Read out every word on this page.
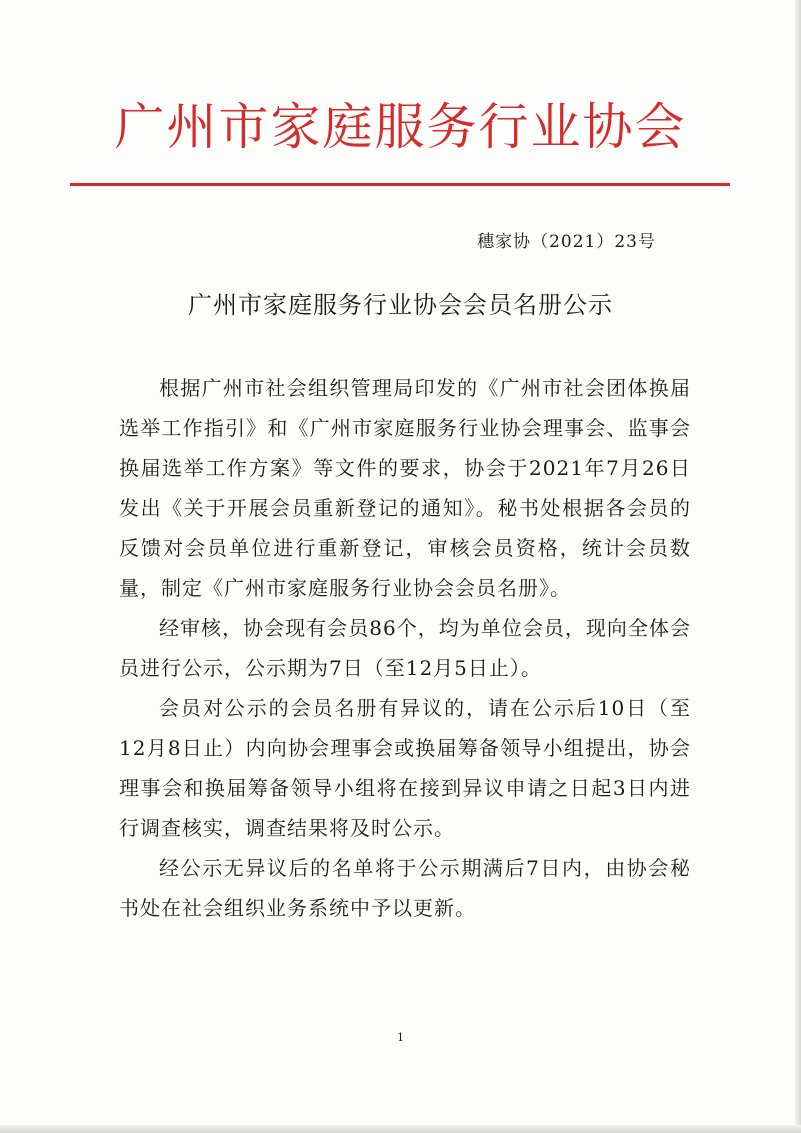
广州市家庭服务行业协会
穗家协（2021）23号
广州市家庭服务行业协会会员名册公示

根据广州市社会组织管理局印发的《广州市社会团体换届选举工作指引》和《广州市家庭服务行业协会理事会、监事会换届选举工作方案》等文件的要求，协会于2021年7月26日发出《关于开展会员重新登记的通知》。秘书处根据各会员的反馈对会员单位进行重新登记，审核会员资格，统计会员数量，制定《广州市家庭服务行业协会会员名册》。

经审核，协会现有会员86个，均为单位会员，现向全体会员进行公示，公示期为7日（至12月5日止）。

会员对公示的会员名册有异议的，请在公示后10日（至12月8日止）内向协会理事会或换届筹备领导小组提出，协会理事会和换届筹备领导小组将在接到异议申请之日起3日内进行调查核实，调查结果将及时公示。

经公示无异议后的名单将于公示期满后7日内，由协会秘书处在社会组织业务系统中予以更新。

1
